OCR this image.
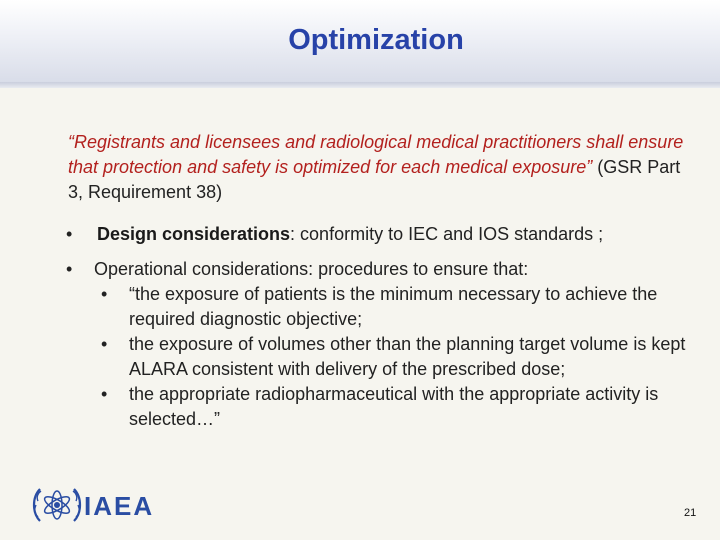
Optimization
“Registrants and licensees and radiological medical practitioners shall ensure that protection and safety is optimized for each medical exposure” (GSR Part 3, Requirement 38)
• Design considerations: conformity to IEC and IOS standards ;
• Operational considerations: procedures to ensure that:
• “the exposure of patients is the minimum necessary to achieve the required diagnostic objective;
• the exposure of volumes other than the planning target volume is kept ALARA consistent with delivery of the prescribed dose;
• the appropriate radiopharmaceutical with the appropriate activity is selected…”
IAEA	21
